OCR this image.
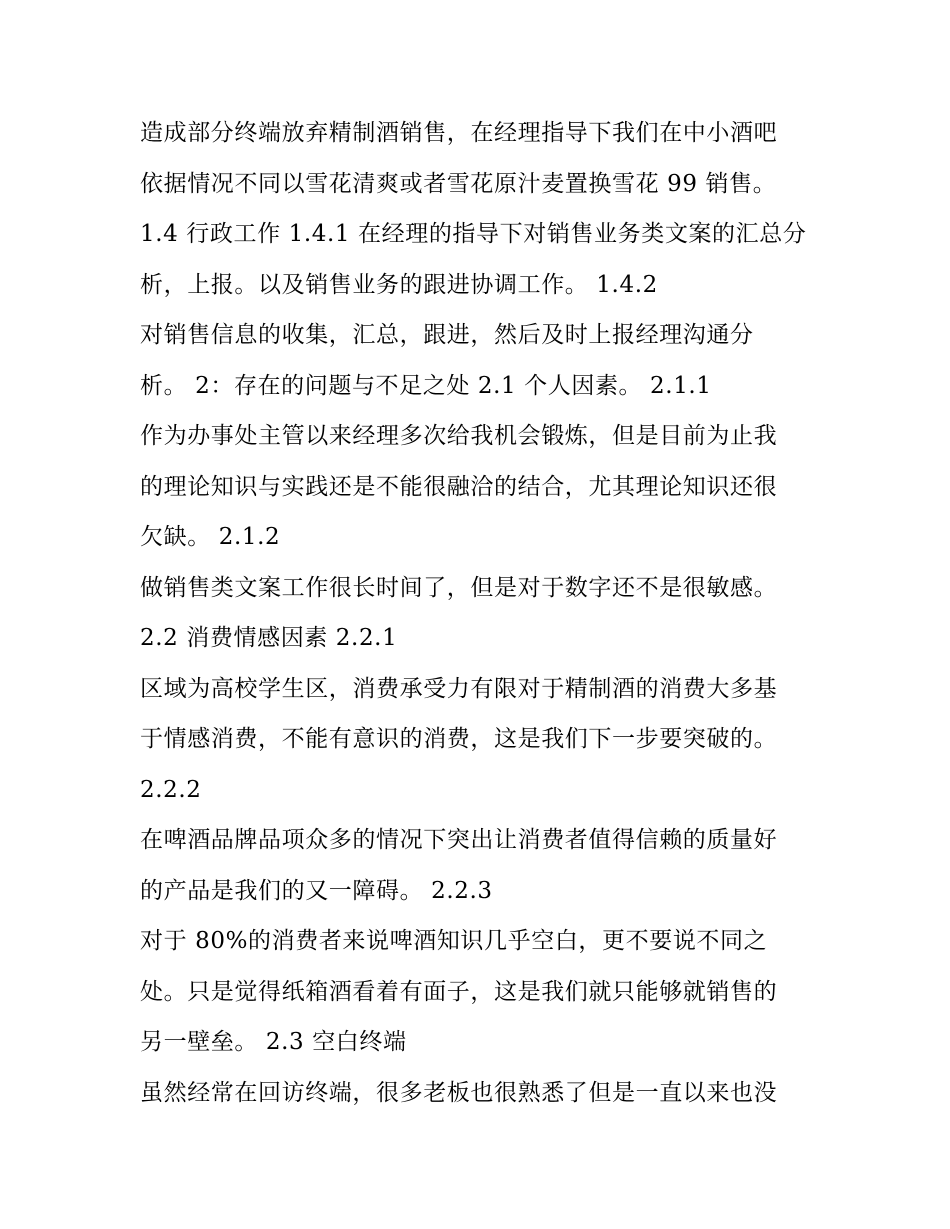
造成部分终端放弃精制酒销售，在经理指导下我们在中小酒吧
依据情况不同以雪花清爽或者雪花原汁麦置换雪花 99 销售。
1.4 行政工作 1.4.1 在经理的指导下对销售业务类文案的汇总分
析，上报。以及销售业务的跟进协调工作。 1.4.2
对销售信息的收集，汇总，跟进，然后及时上报经理沟通分
析。 2：存在的问题与不足之处 2.1 个人因素。 2.1.1
作为办事处主管以来经理多次给我机会锻炼，但是目前为止我
的理论知识与实践还是不能很融洽的结合，尤其理论知识还很
欠缺。 2.1.2
做销售类文案工作很长时间了，但是对于数字还不是很敏感。
2.2 消费情感因素 2.2.1
区域为高校学生区，消费承受力有限对于精制酒的消费大多基
于情感消费，不能有意识的消费，这是我们下一步要突破的。
2.2.2
在啤酒品牌品项众多的情况下突出让消费者值得信赖的质量好
的产品是我们的又一障碍。 2.2.3
对于 80%的消费者来说啤酒知识几乎空白，更不要说不同之
处。只是觉得纸箱酒看着有面子，这是我们就只能够就销售的
另一壁垒。 2.3 空白终端
虽然经常在回访终端，很多老板也很熟悉了但是一直以来也没
